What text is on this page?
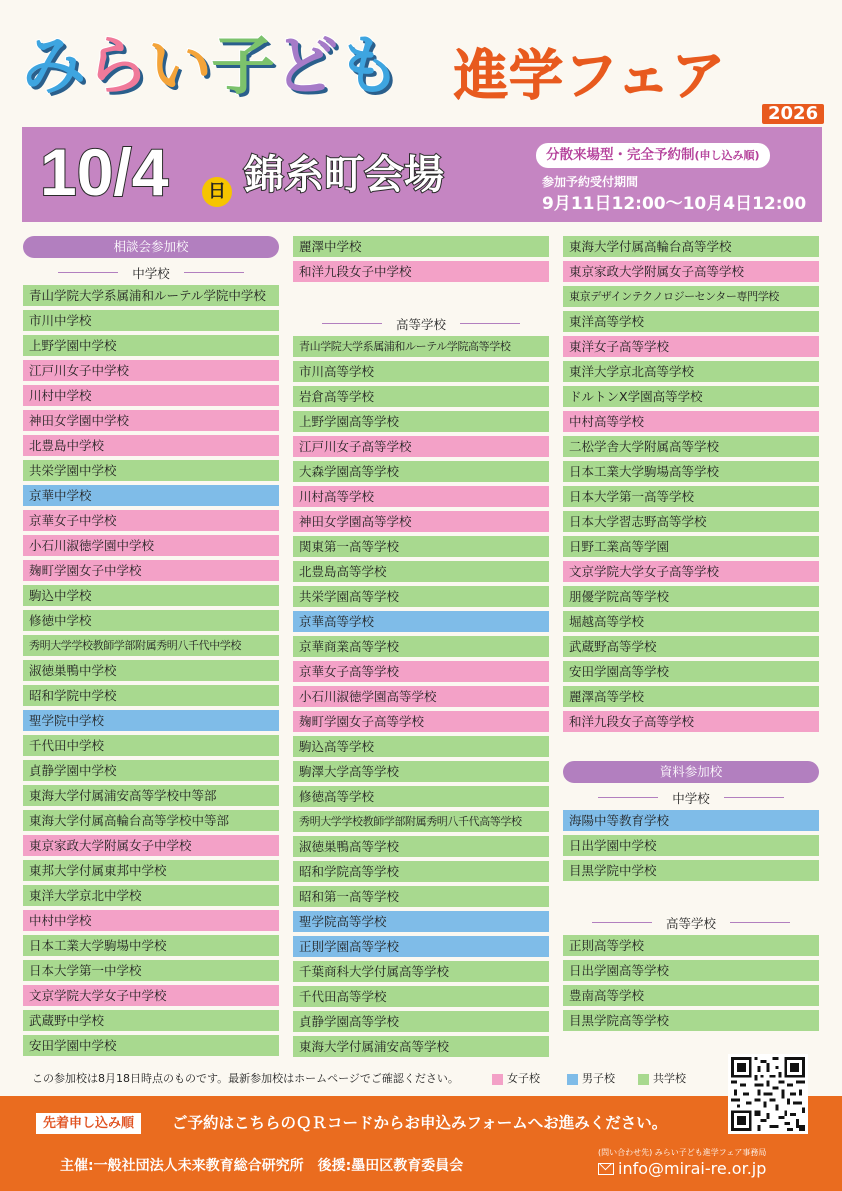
みらい子ども 進学フェア
2026
10/4	日 錦糸町会場	分散来場型・完全予約制(申し込み順)
参加予約受付期間
9月11日12:00〜10月4日12:00
相談会参加校
中学校
青山学院大学系属浦和ルーテル学院中学校
市川中学校
上野学園中学校
江戸川女子中学校
川村中学校
神田女学園中学校
北豊島中学校
共栄学園中学校
京華中学校
京華女子中学校
小石川淑徳学園中学校
麹町学園女子中学校
駒込中学校
修徳中学校
秀明大学学校教師学部附属秀明八千代中学校
淑徳巣鴨中学校
昭和学院中学校
聖学院中学校
千代田中学校
貞静学園中学校
東海大学付属浦安高等学校中等部
東海大学付属高輪台高等学校中等部
東京家政大学附属女子中学校
東邦大学付属東邦中学校
東洋大学京北中学校
中村中学校
日本工業大学駒場中学校
日本大学第一中学校
文京学院大学女子中学校
武蔵野中学校
安田学園中学校
麗澤中学校
和洋九段女子中学校
高等学校
青山学院大学系属浦和ルーテル学院高等学校
市川高等学校
岩倉高等学校
上野学園高等学校
江戸川女子高等学校
大森学園高等学校
川村高等学校
神田女学園高等学校
関東第一高等学校
北豊島高等学校
共栄学園高等学校
京華高等学校
京華商業高等学校
京華女子高等学校
小石川淑徳学園高等学校
麹町学園女子高等学校
駒込高等学校
駒澤大学高等学校
修徳高等学校
秀明大学学校教師学部附属秀明八千代高等学校
淑徳巣鴨高等学校
昭和学院高等学校
昭和第一高等学校
聖学院高等学校
正則学園高等学校
千葉商科大学付属高等学校
千代田高等学校
貞静学園高等学校
東海大学付属浦安高等学校
東海大学付属高輪台高等学校
東京家政大学附属女子高等学校
東京デザインテクノロジーセンター専門学校
東洋高等学校
東洋女子高等学校
東洋大学京北高等学校
ドルトンX学園高等学校
中村高等学校
二松学舎大学附属高等学校
日本工業大学駒場高等学校
日本大学第一高等学校
日本大学習志野高等学校
日野工業高等学園
文京学院大学女子高等学校
朋優学院高等学校
堀越高等学校
武蔵野高等学校
安田学園高等学校
麗澤高等学校
和洋九段女子高等学校
資料参加校
中学校
海陽中等教育学校
日出学園中学校
目黒学院中学校
高等学校
正則高等学校
日出学園高等学校
豊南高等学校
目黒学院高等学校
この参加校は8月18日時点のものです。最新参加校はホームページでご確認ください。	女子校	男子校	共学校
先着申し込み順	ご予約はこちらのＱＲコードからお申込みフォームへお進みください。
主催:一般社団法人未来教育総合研究所　後援:墨田区教育委員会
(問い合わせ先) みらい子ども進学フェア事務局
info@mirai-re.or.jp
